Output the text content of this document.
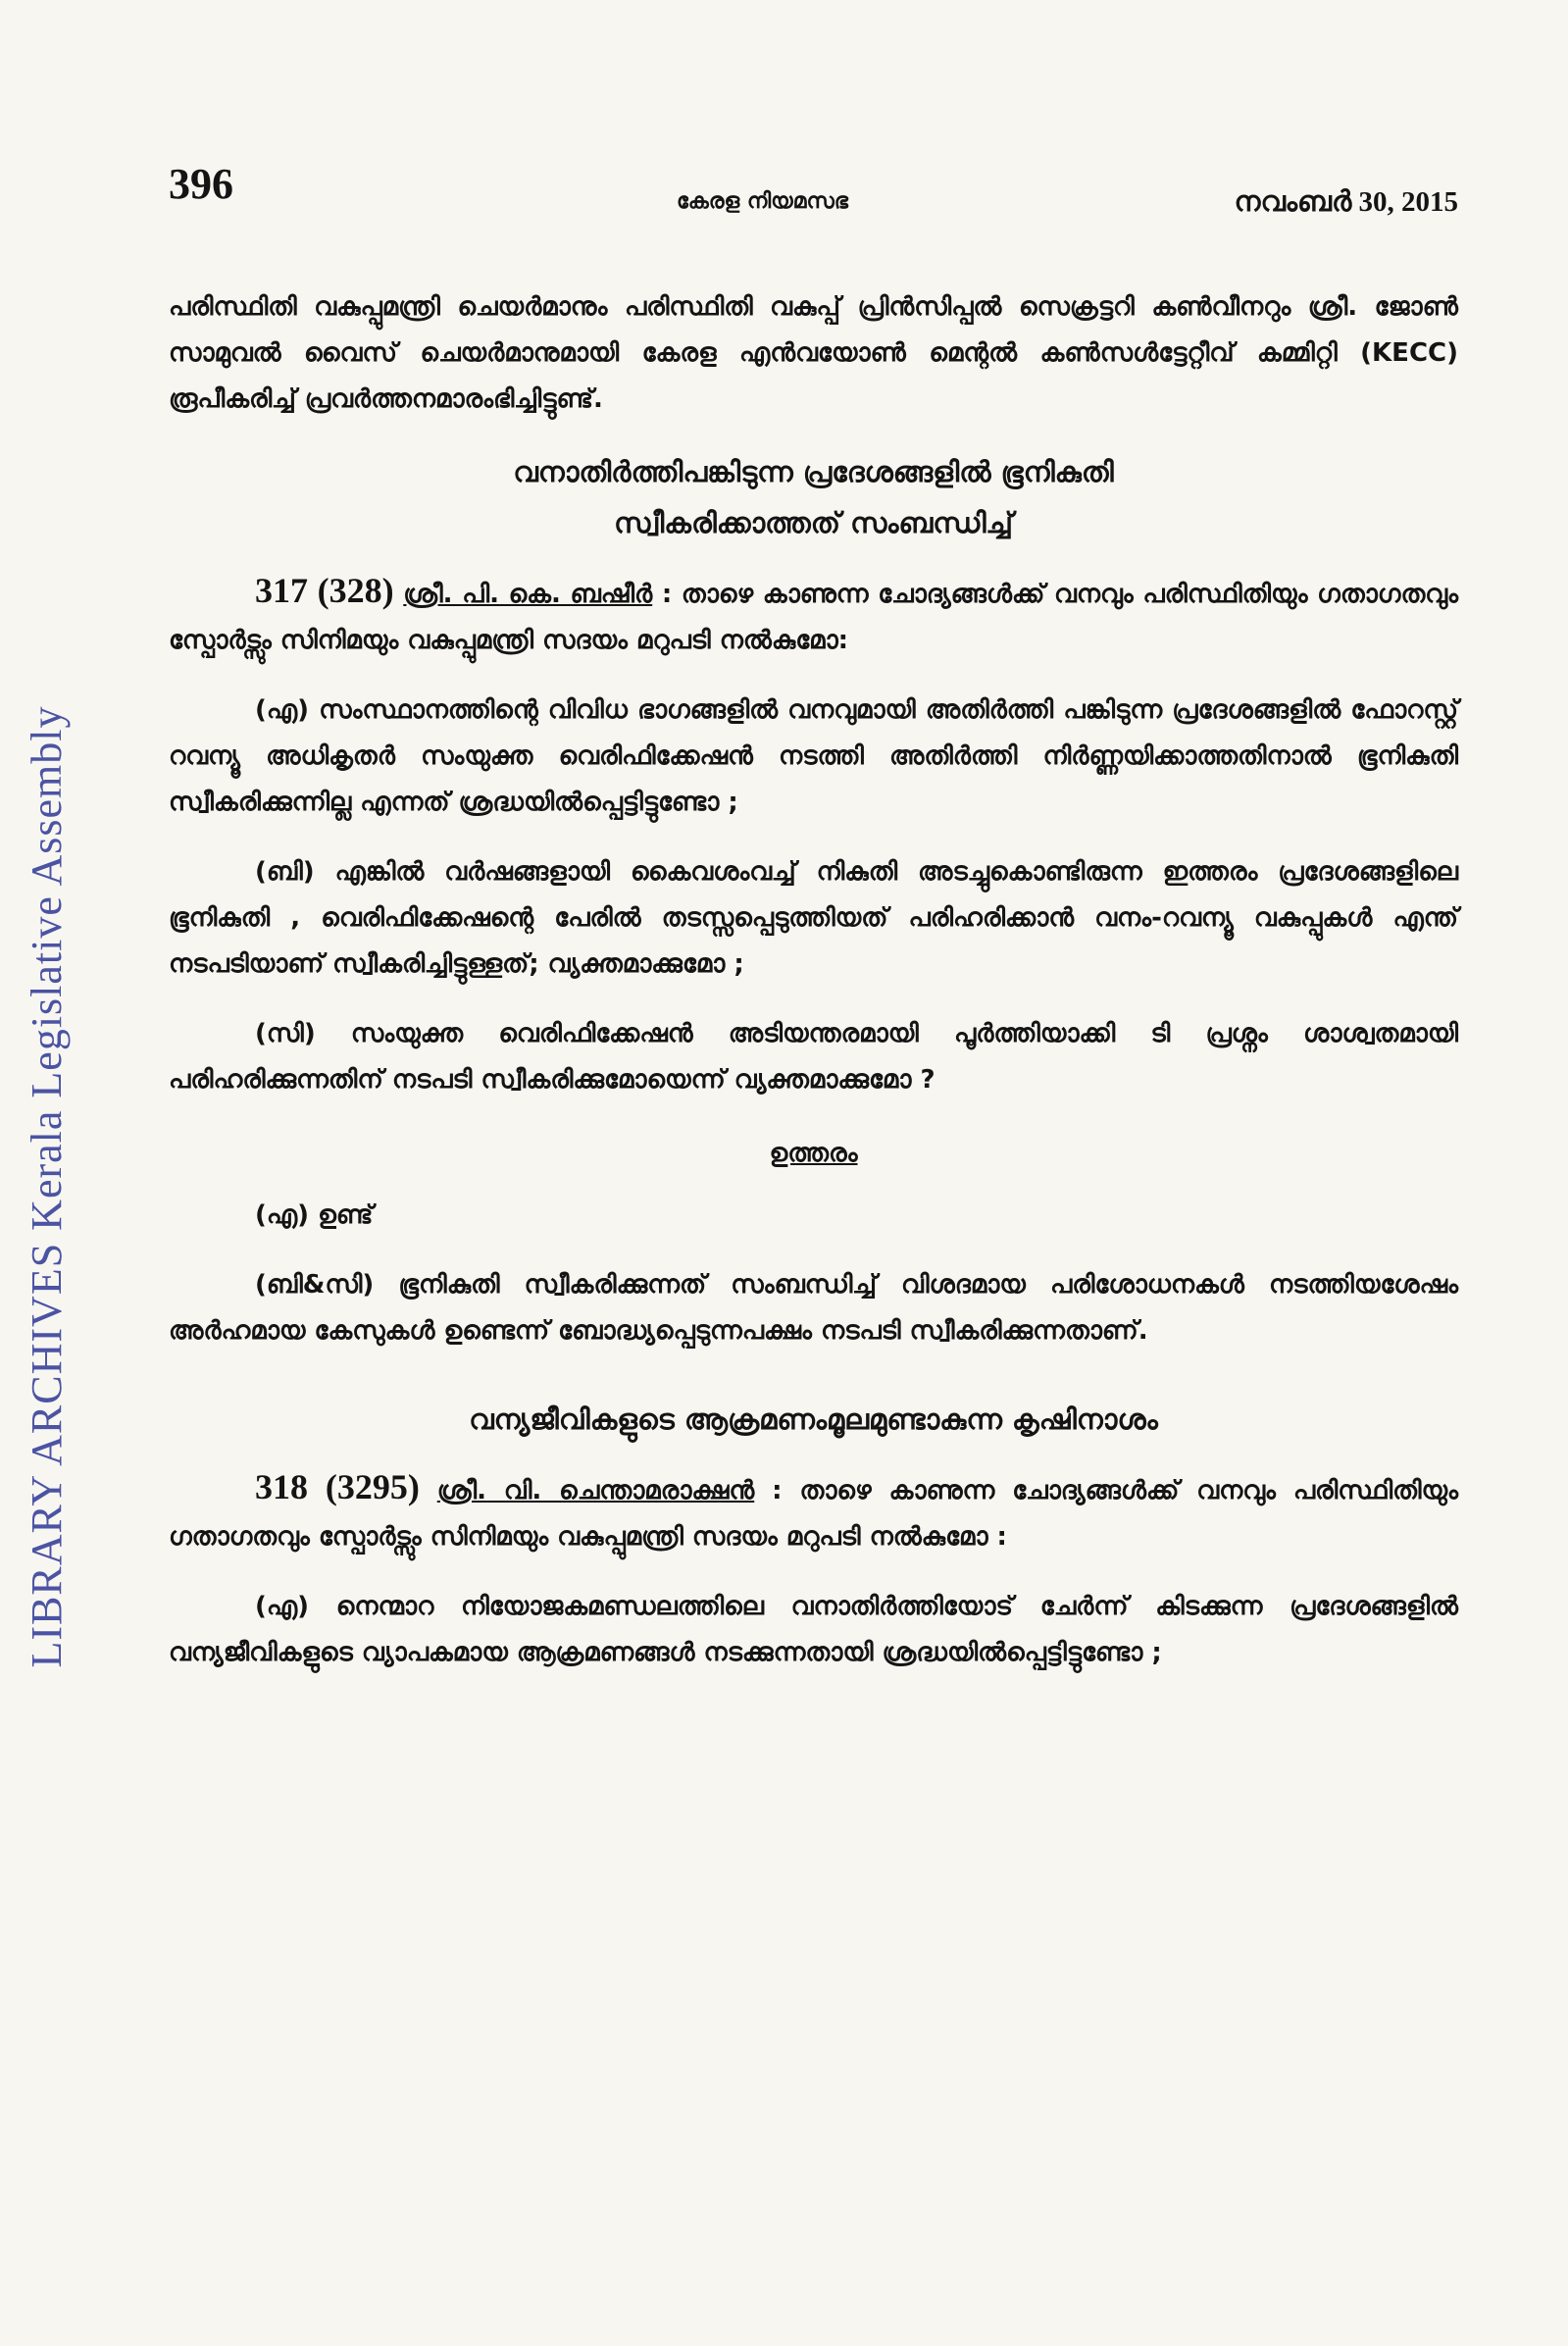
LIBRARY ARCHIVES Kerala Legislative Assembly
396	കേരള നിയമസഭ	നവംബർ 30, 2015

പരിസ്ഥിതി വകുപ്പുമന്ത്രി ചെയർമാനും പരിസ്ഥിതി വകുപ്പ് പ്രിൻസിപ്പൽ സെക്രട്ടറി കൺവീനറും ശ്രീ. ജോൺ സാമുവൽ വൈസ് ചെയർമാനുമായി കേരള എൻവയോൺ മെന്റൽ കൺസൾട്ടേറ്റീവ് കമ്മിറ്റി (KECC) രൂപീകരിച്ച് പ്രവർത്തനമാരംഭിച്ചിട്ടുണ്ട്.

വനാതിർത്തിപങ്കിടുന്ന പ്രദേശങ്ങളിൽ ഭൂനികുതി
സ്വീകരിക്കാത്തത് സംബന്ധിച്ച്

317 (328) ശ്രീ. പി. കെ. ബഷീർ : താഴെ കാണുന്ന ചോദ്യങ്ങൾക്ക് വനവും പരിസ്ഥിതിയും ഗതാഗതവും സ്പോർട്സും സിനിമയും വകുപ്പുമന്ത്രി സദയം മറുപടി നൽകുമോ:

(എ) സംസ്ഥാനത്തിന്റെ വിവിധ ഭാഗങ്ങളിൽ വനവുമായി അതിർത്തി പങ്കിടുന്ന പ്രദേശങ്ങളിൽ ഫോറസ്റ്റ് റവന്യൂ അധികൃതർ സംയുക്ത വെരിഫിക്കേഷൻ നടത്തി അതിർത്തി നിർണ്ണയിക്കാത്തതിനാൽ ഭൂനികുതി സ്വീകരിക്കുന്നില്ല എന്നത് ശ്രദ്ധയിൽപ്പെട്ടിട്ടുണ്ടോ ;

(ബി) എങ്കിൽ വർഷങ്ങളായി കൈവശംവച്ച് നികുതി അടച്ചുകൊണ്ടിരുന്ന ഇത്തരം പ്രദേശങ്ങളിലെ ഭൂനികുതി , വെരിഫിക്കേഷന്റെ പേരിൽ തടസ്സപ്പെടുത്തിയത് പരിഹരിക്കാൻ വനം-റവന്യൂ വകുപ്പുകൾ എന്ത് നടപടിയാണ് സ്വീകരിച്ചിട്ടുള്ളത്; വ്യക്തമാക്കുമോ ;

(സി) സംയുക്ത വെരിഫിക്കേഷൻ അടിയന്തരമായി പൂർത്തിയാക്കി ടി പ്രശ്നം ശാശ്വതമായി പരിഹരിക്കുന്നതിന് നടപടി സ്വീകരിക്കുമോയെന്ന് വ്യക്തമാക്കുമോ ?

ഉത്തരം

(എ) ഉണ്ട്

(ബി&സി) ഭൂനികുതി സ്വീകരിക്കുന്നത് സംബന്ധിച്ച് വിശദമായ പരിശോധനകൾ നടത്തിയശേഷം അർഹമായ കേസുകൾ ഉണ്ടെന്ന് ബോദ്ധ്യപ്പെടുന്നപക്ഷം നടപടി സ്വീകരിക്കുന്നതാണ്.

വന്യജീവികളുടെ ആക്രമണംമൂലമുണ്ടാകുന്ന കൃഷിനാശം

318 (3295) ശ്രീ. വി. ചെന്താമരാക്ഷൻ : താഴെ കാണുന്ന ചോദ്യങ്ങൾക്ക് വനവും പരിസ്ഥിതിയും ഗതാഗതവും സ്പോർട്സും സിനിമയും വകുപ്പുമന്ത്രി സദയം മറുപടി നൽകുമോ :

(എ) നെന്മാറ നിയോജകമണ്ഡലത്തിലെ വനാതിർത്തിയോട് ചേർന്ന് കിടക്കുന്ന പ്രദേശങ്ങളിൽ വന്യജീവികളുടെ വ്യാപകമായ ആക്രമണങ്ങൾ നടക്കുന്നതായി ശ്രദ്ധയിൽപ്പെട്ടിട്ടുണ്ടോ ;
